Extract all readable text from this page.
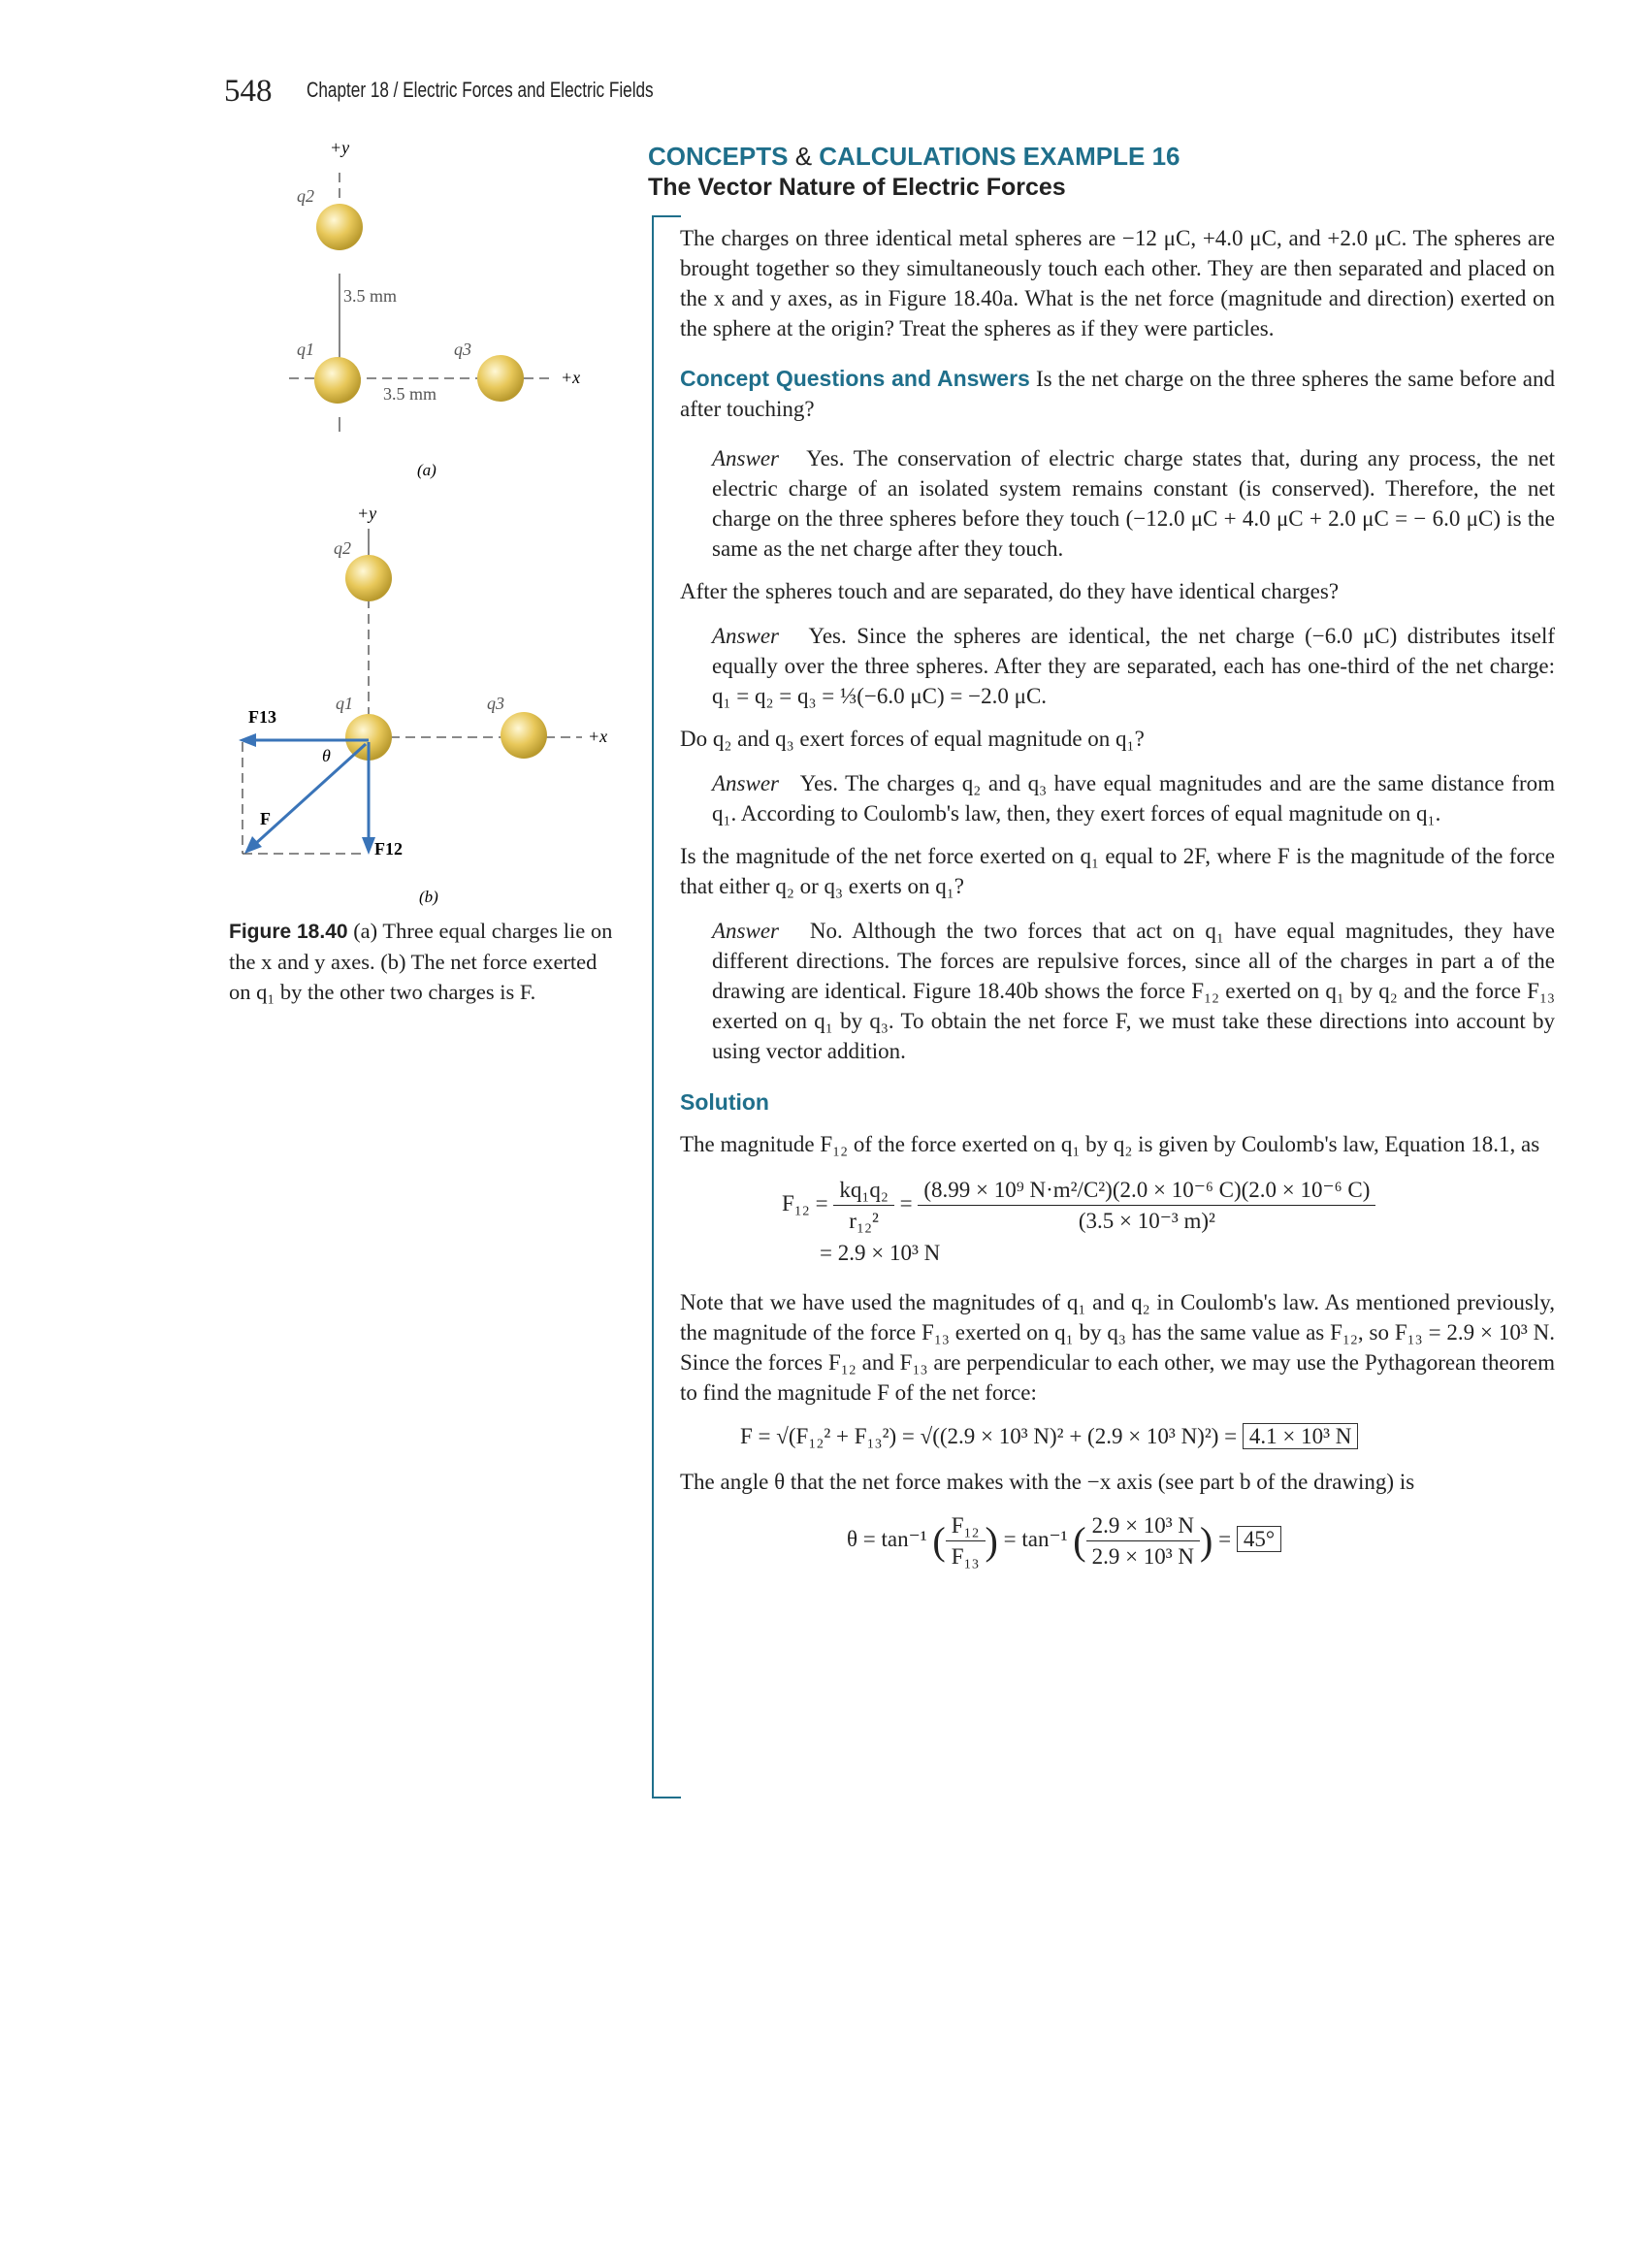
548 Chapter 18 / Electric Forces and Electric Fields
CONCEPTS & CALCULATIONS EXAMPLE 16
The Vector Nature of Electric Forces

The charges on three identical metal spheres are −12 μC, +4.0 μC, and +2.0 μC. The spheres are brought together so they simultaneously touch each other. They are then separated and placed on the x and y axes, as in Figure 18.40a. What is the net force (magnitude and direction) exerted on the sphere at the origin? Treat the spheres as if they were particles.

Concept Questions and Answers Is the net charge on the three spheres the same before and after touching?

Answer Yes. The conservation of electric charge states that, during any process, the net electric charge of an isolated system remains constant (is conserved). Therefore, the net charge on the three spheres before they touch (−12.0 μC + 4.0 μC + 2.0 μC = − 6.0 μC) is the same as the net charge after they touch.

After the spheres touch and are separated, do they have identical charges?

Answer Yes. Since the spheres are identical, the net charge (−6.0 μC) distributes itself equally over the three spheres. After they are separated, each has one-third of the net charge: q₁ = q₂ = q₃ = ⅓(−6.0 μC) = −2.0 μC.

Do q₂ and q₃ exert forces of equal magnitude on q₁?

Answer Yes. The charges q₂ and q₃ have equal magnitudes and are the same distance from q₁. According to Coulomb's law, then, they exert forces of equal magnitude on q₁.

Is the magnitude of the net force exerted on q₁ equal to 2F, where F is the magnitude of the force that either q₂ or q₃ exerts on q₁?

Answer No. Although the two forces that act on q₁ have equal magnitudes, they have different directions. The forces are repulsive forces, since all of the charges in part a of the drawing are identical. Figure 18.40b shows the force F₁₂ exerted on q₁ by q₂ and the force F₁₃ exerted on q₁ by q₃. To obtain the net force F, we must take these directions into account by using vector addition.

Solution

The magnitude F₁₂ of the force exerted on q₁ by q₂ is given by Coulomb's law, Equation 18.1, as

$F_{12} = \frac{\text{kq₁q₂}}{\text{r₁₂²}} = \frac{\text{(8.99 × 10⁹ N·m²/C²)(2.0 × 10⁻⁶ C)(2.0 × 10⁻⁶ C)}}{\text{(3.5 × 10⁻³ m)²}}$
= 2.9 × 10³ N

Note that we have used the magnitudes of q₁ and q₂ in Coulomb's law. As mentioned previously, the magnitude of the force F₁₃ exerted on q₁ by q₃ has the same value as F₁₂, so F₁₃ = 2.9 × 10³ N. Since the forces F₁₂ and F₁₃ are perpendicular to each other, we may use the Pythagorean theorem to find the magnitude F of the net force:

F = √(F₁₂² + F₁₃²) = √((2.9 × 10³ N)² + (2.9 × 10³ N)²) = 4.1 × 10³ N

The angle θ that the net force makes with the −x axis (see part b of the drawing) is

θ = tan⁻¹ ( $\frac{\text{F₁₂}}{\text{F₁₃}}$ ) = tan⁻¹ ( $\frac{\text{2.9 × 10³ N}}{\text{2.9 × 10³ N}}$ ) = 45°
+y
+x
q2
q1	q3
3.5 mm
3.5 mm
(a)
+y
+x
q2
q1	q3
F13
F12
F
θ
(b)
Figure 18.40 (a) Three equal charges lie on the x and y axes. (b) The net force exerted on q₁ by the other two charges is F.
